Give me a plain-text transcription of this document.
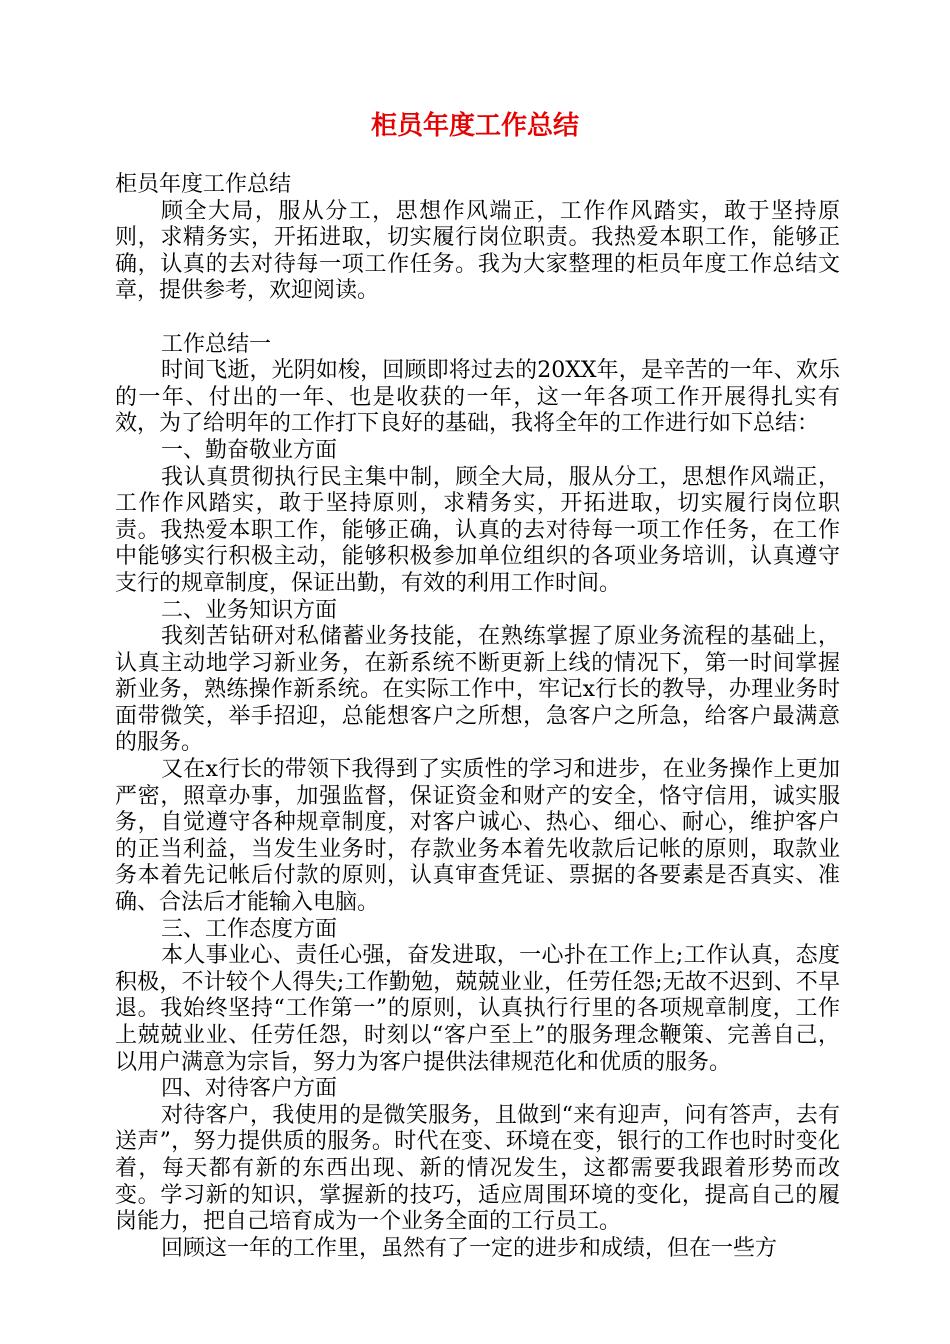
柜员年度工作总结

柜员年度工作总结

顾全大局，服从分工，思想作风端正，工作作风踏实，敢于坚持原则，求精务实，开拓进取，切实履行岗位职责。我热爱本职工作，能够正确，认真的去对待每一项工作任务。我为大家整理的柜员年度工作总结文章，提供参考，欢迎阅读。

工作总结一

时间飞逝，光阴如梭，回顾即将过去的20XX年，是辛苦的一年、欢乐的一年、付出的一年、也是收获的一年，这一年各项工作开展得扎实有效，为了给明年的工作打下良好的基础，我将全年的工作进行如下总结：

一、勤奋敬业方面

我认真贯彻执行民主集中制，顾全大局，服从分工，思想作风端正，工作作风踏实，敢于坚持原则，求精务实，开拓进取，切实履行岗位职责。我热爱本职工作，能够正确，认真的去对待每一项工作任务，在工作中能够实行积极主动，能够积极参加单位组织的各项业务培训，认真遵守支行的规章制度，保证出勤，有效的利用工作时间。

二、业务知识方面

我刻苦钻研对私储蓄业务技能，在熟练掌握了原业务流程的基础上，认真主动地学习新业务，在新系统不断更新上线的情况下，第一时间掌握新业务，熟练操作新系统。在实际工作中，牢记x行长的教导，办理业务时面带微笑，举手招迎，总能想客户之所想，急客户之所急，给客户最满意的服务。

又在x行长的带领下我得到了实质性的学习和进步，在业务操作上更加严密，照章办事，加强监督，保证资金和财产的安全，恪守信用，诚实服务，自觉遵守各种规章制度，对客户诚心、热心、细心、耐心，维护客户的正当利益，当发生业务时，存款业务本着先收款后记帐的原则，取款业务本着先记帐后付款的原则，认真审查凭证、票据的各要素是否真实、准确、合法后才能输入电脑。

三、工作态度方面

本人事业心、责任心强，奋发进取，一心扑在工作上;工作认真，态度积极，不计较个人得失;工作勤勉，兢兢业业，任劳任怨;无故不迟到、不早退。我始终坚持“工作第一”的原则，认真执行行里的各项规章制度，工作上兢兢业业、任劳任怨，时刻以“客户至上”的服务理念鞭策、完善自己，以用户满意为宗旨，努力为客户提供法律规范化和优质的服务。

四、对待客户方面

对待客户，我使用的是微笑服务，且做到“来有迎声，问有答声，去有送声”，努力提供质的服务。时代在变、环境在变，银行的工作也时时变化着，每天都有新的东西出现、新的情况发生，这都需要我跟着形势而改变。学习新的知识，掌握新的技巧，适应周围环境的变化，提高自己的履岗能力，把自己培育成为一个业务全面的工行员工。

回顾这一年的工作里，虽然有了一定的进步和成绩，但在一些方
